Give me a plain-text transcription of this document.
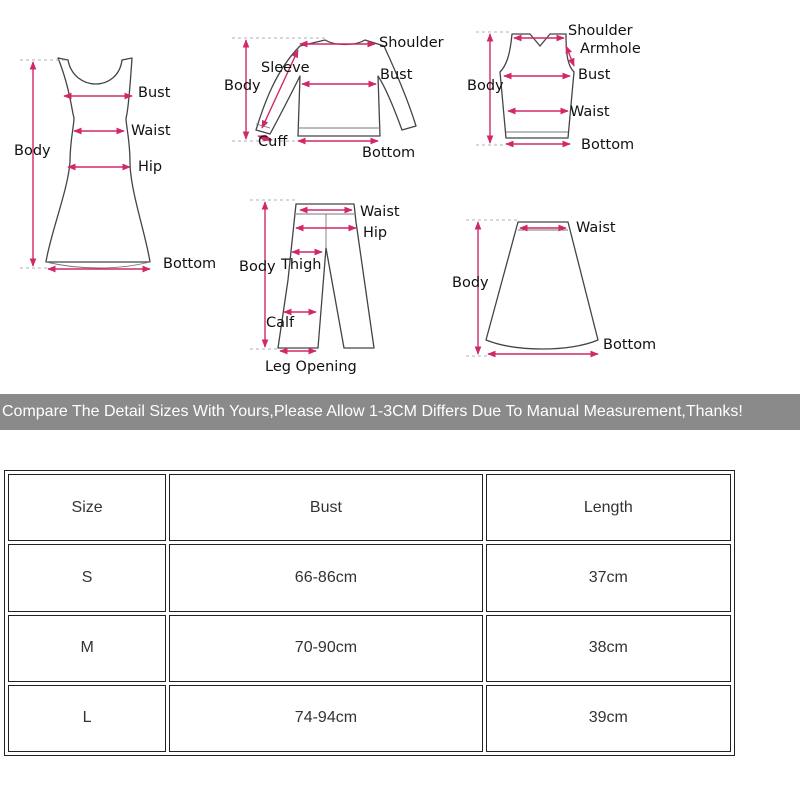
Bust
Waist
Hip
Body
Bottom
Shoulder
Sleeve	Bust
Body
Cuff
Bottom
Shoulder
Armhole
Bust
Body
Waist
Bottom
Waist
Hip
Body Thigh
Calf
Leg Opening
Waist
Body
Bottom
Compare The Detail Sizes With Yours,Please Allow 1-3CM Differs Due To Manual Measurement,Thanks!
Size	Bust	Length
S	66-86cm	37cm
M	70-90cm	38cm
L	74-94cm	39cm
